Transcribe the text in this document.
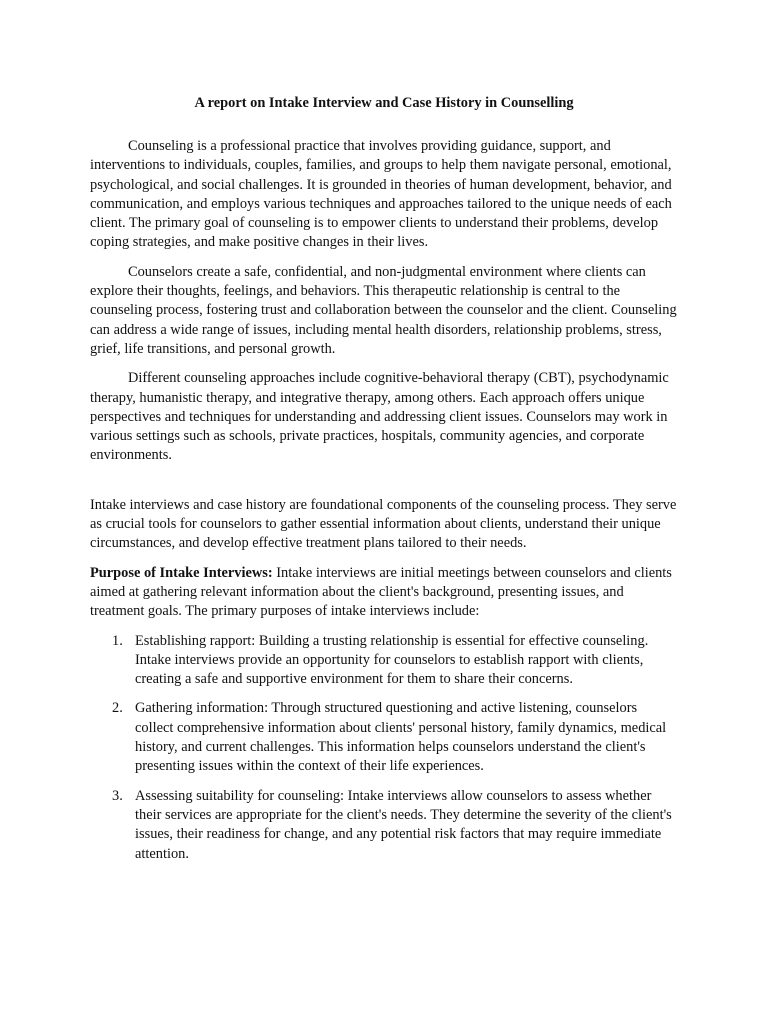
A report on Intake Interview and Case History in Counselling

Counseling is a professional practice that involves providing guidance, support, and interventions to individuals, couples, families, and groups to help them navigate personal, emotional, psychological, and social challenges. It is grounded in theories of human development, behavior, and communication, and employs various techniques and approaches tailored to the unique needs of each client. The primary goal of counseling is to empower clients to understand their problems, develop coping strategies, and make positive changes in their lives.

Counselors create a safe, confidential, and non-judgmental environment where clients can explore their thoughts, feelings, and behaviors. This therapeutic relationship is central to the counseling process, fostering trust and collaboration between the counselor and the client. Counseling can address a wide range of issues, including mental health disorders, relationship problems, stress, grief, life transitions, and personal growth.

Different counseling approaches include cognitive-behavioral therapy (CBT), psychodynamic therapy, humanistic therapy, and integrative therapy, among others. Each approach offers unique perspectives and techniques for understanding and addressing client issues. Counselors may work in various settings such as schools, private practices, hospitals, community agencies, and corporate environments.

Intake interviews and case history are foundational components of the counseling process. They serve as crucial tools for counselors to gather essential information about clients, understand their unique circumstances, and develop effective treatment plans tailored to their needs.

Purpose of Intake Interviews: Intake interviews are initial meetings between counselors and clients aimed at gathering relevant information about the client's background, presenting issues, and treatment goals. The primary purposes of intake interviews include:

1. Establishing rapport: Building a trusting relationship is essential for effective counseling. Intake interviews provide an opportunity for counselors to establish rapport with clients, creating a safe and supportive environment for them to share their concerns.
2. Gathering information: Through structured questioning and active listening, counselors collect comprehensive information about clients' personal history, family dynamics, medical history, and current challenges. This information helps counselors understand the client's presenting issues within the context of their life experiences.
3. Assessing suitability for counseling: Intake interviews allow counselors to assess whether their services are appropriate for the client's needs. They determine the severity of the client's issues, their readiness for change, and any potential risk factors that may require immediate attention.
